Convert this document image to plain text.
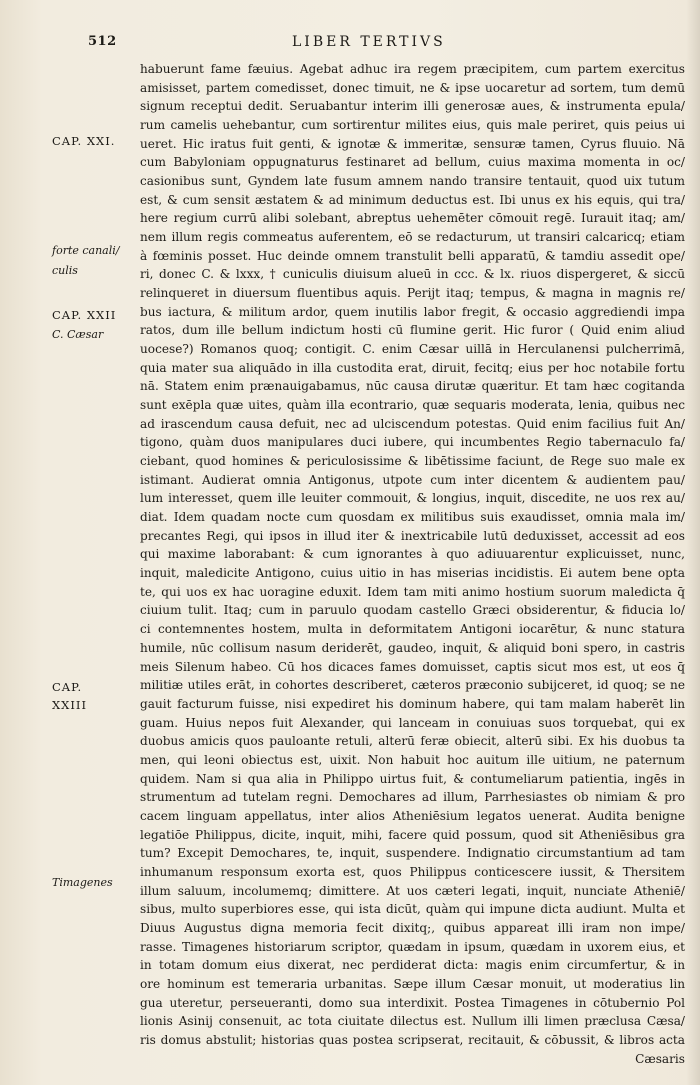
512	LIBER TERTIVS
habuerunt fame fæuius. Agebat adhuc ira regem præcipitem, cum partem exercitus
amisisset, partem comedisset, donec timuit, ne & ipse uocaretur ad sortem, tum demū
signum receptui dedit. Seruabantur interim illi generosæ aues, & instrumenta epula/
rum camelis uehebantur, cum sortirentur milites eius, quis male periret, quis peius ui
ueret. Hic iratus fuit genti, & ignotæ & immeritæ, sensuræ tamen, Cyrus fluuio. Nā
cum Babyloniam oppugnaturus festinaret ad bellum, cuius maxima momenta in oc/
casionibus sunt, Gyndem late fusum amnem nando transire tentauit, quod uix tutum
est, & cum sensit æstatem & ad minimum deductus est. Ibi unus ex his equis, qui tra/
here regium currū alibi solebant, abreptus uehemēter cōmouit regē. Iurauit itaq; am/
nem illum regis commeatus auferentem, eō se redacturum, ut transiri calcaricq; etiam
à fœminis posset. Huc deinde omnem transtulit belli apparatū, & tamdiu assedit ope/
ri, donec C. & lxxx, † cuniculis diuisum alueū in ccc. & lx. riuos dispergeret, & siccū
relinqueret in diuersum fluentibus aquis. Perijt itaq; tempus, & magna in magnis re/
bus iactura, & militum ardor, quem inutilis labor fregit, & occasio aggrediendi impa
ratos, dum ille bellum indictum hosti cū flumine gerit. Hic furor ( Quid enim aliud
uocese?) Romanos quoq; contigit. C. enim Cæsar uillā in Herculanensi pulcherrimā,
quia mater sua aliquādo in illa custodita erat, diruit, fecitq; eius per hoc notabile fortu
nā. Statem enim prænauigabamus, nūc causa dirutæ quæritur. Et tam hæc cogitanda
sunt exēpla quæ uites, quàm illa econtrario, quæ sequaris moderata, lenia, quibus nec
ad irascendum causa defuit, nec ad ulciscendum potestas. Quid enim facilius fuit An/
tigono, quàm duos manipulares duci iubere, qui incumbentes Regio tabernaculo fa/
ciebant, quod homines & periculosissime & libētissime faciunt, de Rege suo male ex
istimant. Audierat omnia Antigonus, utpote cum inter dicentem & audientem pau/
lum interesset, quem ille leuiter commouit, & longius, inquit, discedite, ne uos rex au/
diat. Idem quadam nocte cum quosdam ex militibus suis exaudisset, omnia mala im/
precantes Regi, qui ipsos in illud iter & inextricabile lutū deduxisset, accessit ad eos
qui maxime laborabant: & cum ignorantes à quo adiuuarentur explicuisset, nunc,
inquit, maledicite Antigono, cuius uitio in has miserias incidistis. Ei autem bene opta
te, qui uos ex hac uoragine eduxit. Idem tam miti animo hostium suorum maledicta q̄
ciuium tulit. Itaq; cum in paruulo quodam castello Græci obsiderentur, & fiducia lo/
ci contemnentes hostem, multa in deformitatem Antigoni iocarētur, & nunc statura
humile, nūc collisum nasum deriderēt, gaudeo, inquit, & aliquid boni spero, in castris
meis Silenum habeo. Cū hos dicaces fames domuisset, captis sicut mos est, ut eos q̄
militiæ utiles erāt, in cohortes describeret, cæteros præconio subijceret, id quoq; se ne
gauit facturum fuisse, nisi expediret his dominum habere, qui tam malam haberēt lin
guam. Huius nepos fuit Alexander, qui lanceam in conuiuas suos torquebat, qui ex
duobus amicis quos pauloante retuli, alterū feræ obiecit, alterū sibi. Ex his duobus ta
men, qui leoni obiectus est, uixit. Non habuit hoc auitum ille uitium, ne paternum
quidem. Nam si qua alia in Philippo uirtus fuit, & contumeliarum patientia, ingēs in
strumentum ad tutelam regni. Demochares ad illum, Parrhesiastes ob nimiam & pro
cacem linguam appellatus, inter alios Atheniēsium legatos uenerat. Audita benigne
legatiōe Philippus, dicite, inquit, mihi, facere quid possum, quod sit Atheniēsibus gra
tum? Excepit Demochares, te, inquit, suspendere. Indignatio circumstantium ad tam
inhumanum responsum exorta est, quos Philippus conticescere iussit, & Thersitem
illum saluum, incolumemq; dimittere. At uos cæteri legati, inquit, nunciate Atheniē/
sibus, multo superbiores esse, qui ista dicūt, quàm qui impune dicta audiunt. Multa et
Diuus Augustus digna memoria fecit dixitq;, quibus appareat illi iram non impe/
rasse. Timagenes historiarum scriptor, quædam in ipsum, quædam in uxorem eius, et
in totam domum eius dixerat, nec perdiderat dicta: magis enim circumfertur, & in
ore hominum est temeraria urbanitas. Sæpe illum Cæsar monuit, ut moderatius lin
gua uteretur, perseueranti, domo sua interdixit. Postea Timagenes in cōtubernio Pol
lionis Asinij consenuit, ac tota ciuitate dilectus est. Nullum illi limen præclusa Cæsa/
ris domus abstulit; historias quas postea scripserat, recitauit, & cōbussit, & libros acta
Cæsaris
CAP. XXI.
forte canali/
culis
CAP. XXII
C. Cæsar
CAP.
XXIII
Timagenes
